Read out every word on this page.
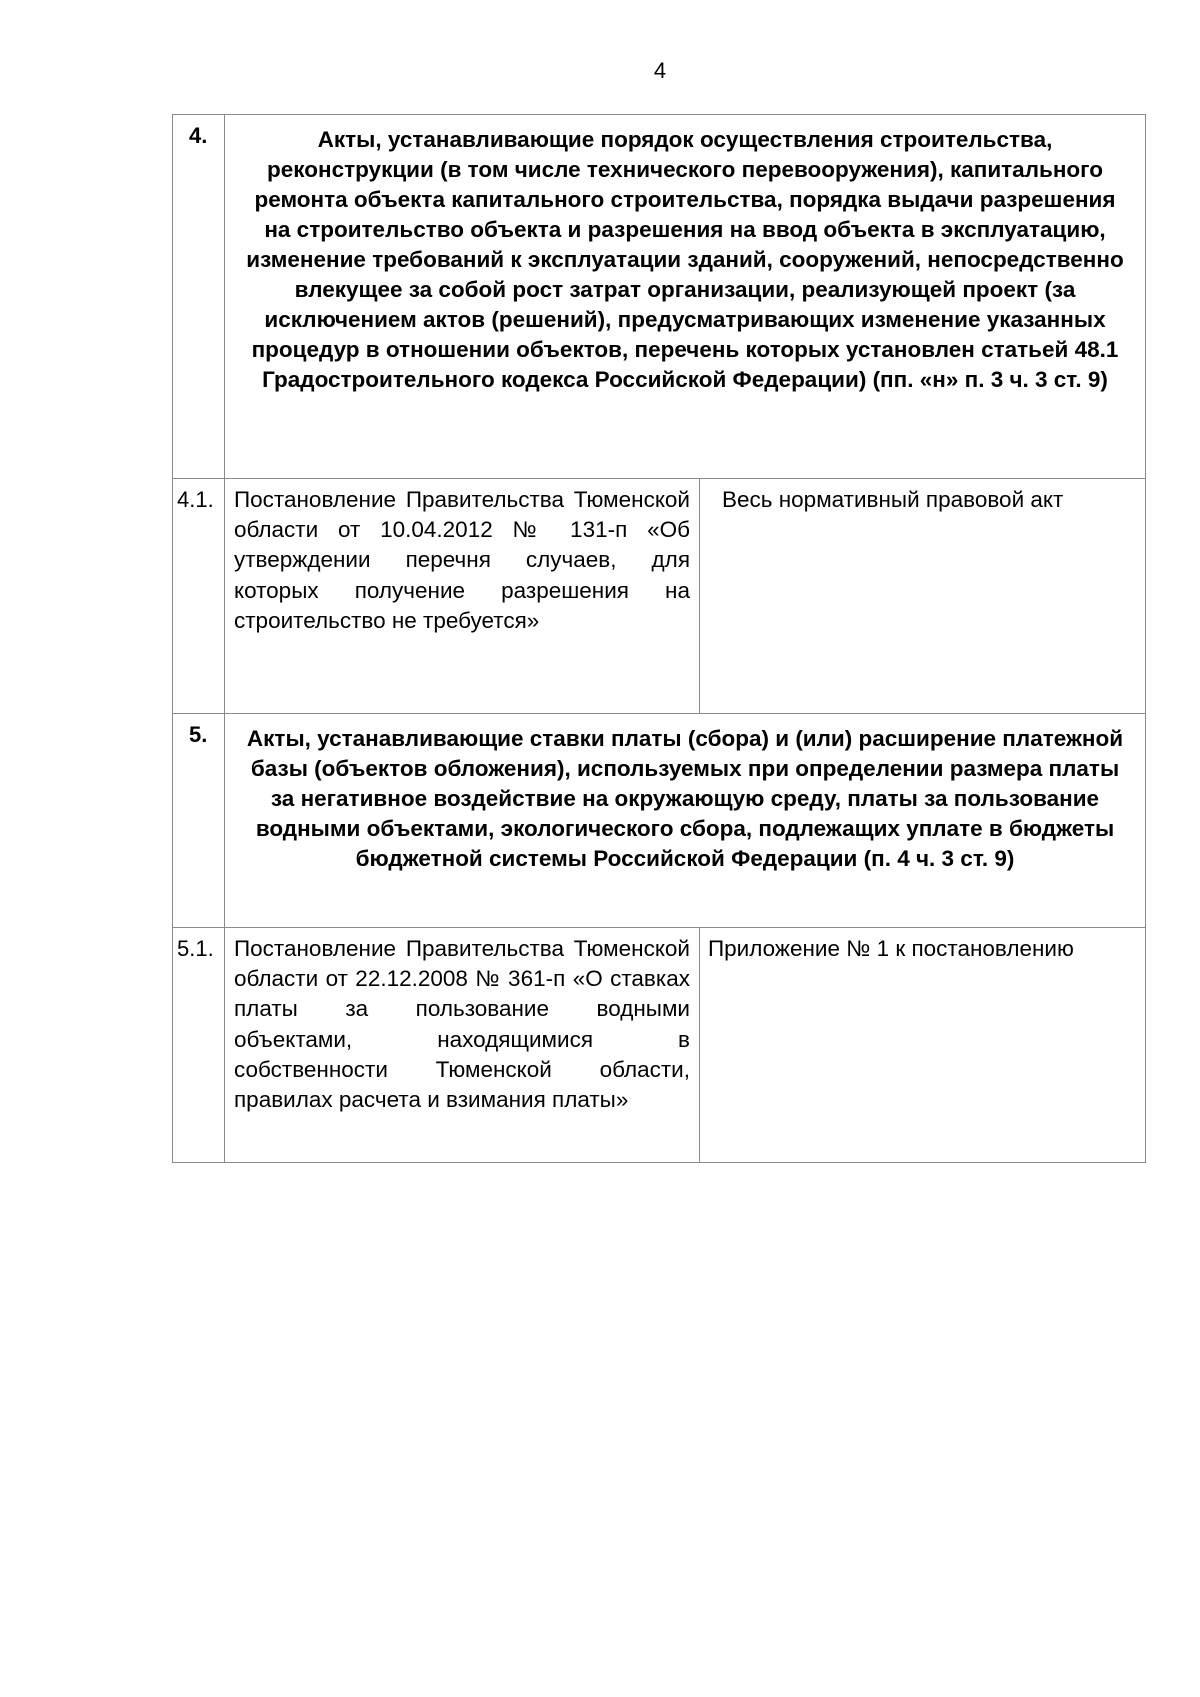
4
4.	Акты, устанавливающие порядок осуществления строительства, реконструкции (в том числе технического перевооружения), капитального ремонта объекта капитального строительства, порядка выдачи разрешения на строительство объекта и разрешения на ввод объекта в эксплуатацию, изменение требований к эксплуатации зданий, сооружений, непосредственно влекущее за собой рост затрат организации, реализующей проект (за исключением актов (решений), предусматривающих изменение указанных процедур в отношении объектов, перечень которых установлен статьей 48.1 Градостроительного кодекса Российской Федерации) (пп. «н» п. 3 ч. 3 ст. 9)	
4.1.	Постановление Правительства Тюменской области от 10.04.2012 № 131-п «Об утверждении перечня случаев, для которых получение разрешения на строительство не требуется»	Весь нормативный правовой акт
5.	Акты, устанавливающие ставки платы (сбора) и (или) расширение платежной базы (объектов обложения), используемых при определении размера платы за негативное воздействие на окружающую среду, платы за пользование водными объектами, экологического сбора, подлежащих уплате в бюджеты бюджетной системы Российской Федерации (п. 4 ч. 3 ст. 9)	
5.1.	Постановление Правительства Тюменской области от 22.12.2008 № 361-п «О ставках платы за пользование водными объектами, находящимися в собственности Тюменской области, правилах расчета и взимания платы»	Приложение № 1 к постановлению
